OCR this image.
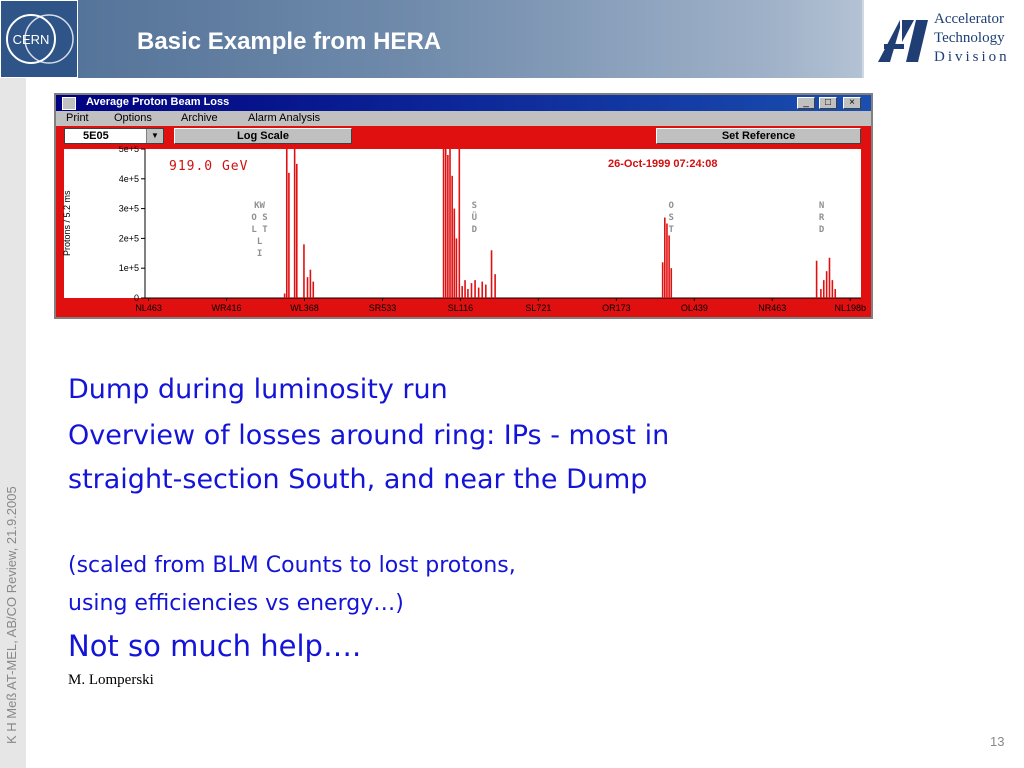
CERN	Basic Example from HERA
Accelerator
Technology
Division
K H Meß AT-MEL, AB/CO Review, 21.9.2005
Average Proton Beam Loss	_	□	×
Print Options	Archive	Alarm Analysis
5E05	▼	Log Scale	Set Reference
Protons / 5.2 ms
919.0 GeV	26-Oct-1999 07:24:08
0
1e+5
2e+5
3e+5
4e+5
5e+5
NL463	WR416	WL368	SR533	SL116	SL721	OR173	OL439	NR463	NL198b
KW O S L T L I
S Ü D
O S T
N R D
Dump during luminosity run
Overview of losses around ring: IPs - most in
straight-section South, and near the Dump
(scaled from BLM Counts to lost protons,
using efficiencies vs energy…)
Not so much help….
M. Lomperski
13
